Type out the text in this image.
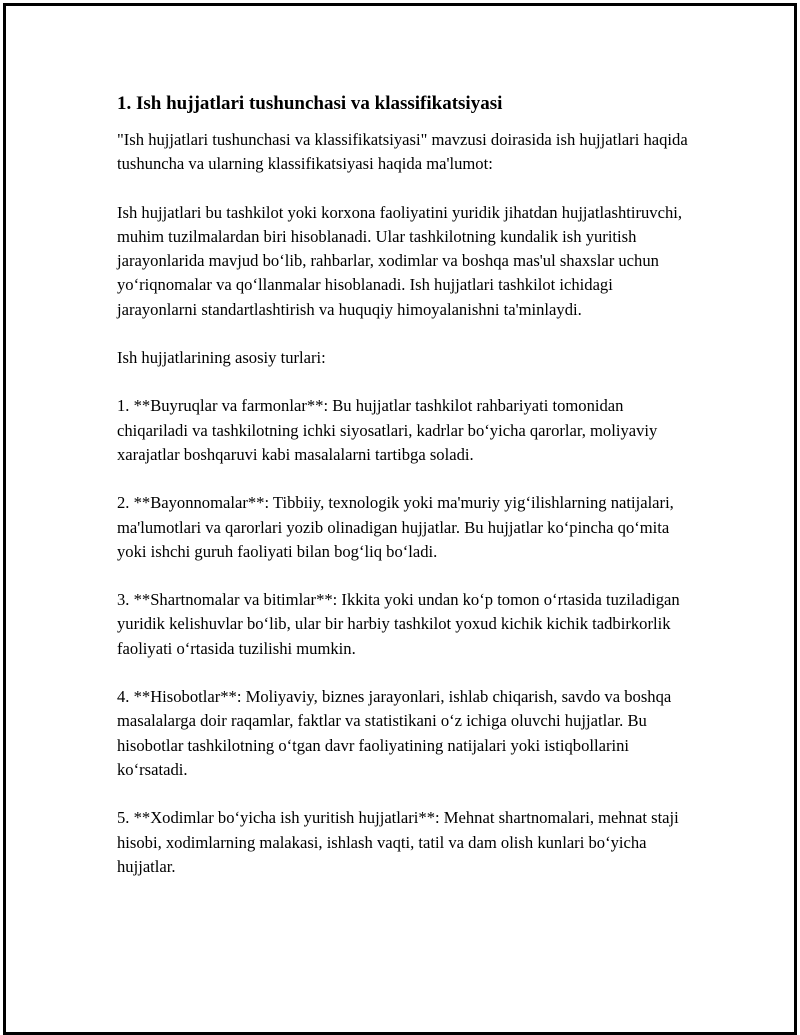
1. Ish hujjatlari tushunchasi va klassifikatsiyasi

"Ish hujjatlari tushunchasi va klassifikatsiyasi" mavzusi doirasida ish hujjatlari haqida tushuncha va ularning klassifikatsiyasi haqida ma'lumot:

Ish hujjatlari bu tashkilot yoki korxona faoliyatini yuridik jihatdan hujjatlashtiruvchi, muhim tuzilmalardan biri hisoblanadi. Ular tashkilotning kundalik ish yuritish jarayonlarida mavjud bo‘lib, rahbarlar, xodimlar va boshqa mas'ul shaxslar uchun yo‘riqnomalar va qo‘llanmalar hisoblanadi. Ish hujjatlari tashkilot ichidagi jarayonlarni standartlashtirish va huquqiy himoyalanishni ta'minlaydi.

Ish hujjatlarining asosiy turlari:

1. **Buyruqlar va farmonlar**: Bu hujjatlar tashkilot rahbariyati tomonidan chiqariladi va tashkilotning ichki siyosatlari, kadrlar bo‘yicha qarorlar, moliyaviy xarajatlar boshqaruvi kabi masalalarni tartibga soladi.

2. **Bayonnomalar**: Tibbiiy, texnologik yoki ma'muriy yig‘ilishlarning natijalari, ma'lumotlari va qarorlari yozib olinadigan hujjatlar. Bu hujjatlar ko‘pincha qo‘mita yoki ishchi guruh faoliyati bilan bog‘liq bo‘ladi.

3. **Shartnomalar va bitimlar**: Ikkita yoki undan ko‘p tomon o‘rtasida tuziladigan yuridik kelishuvlar bo‘lib, ular bir harbiy tashkilot yoxud kichik kichik tadbirkorlik faoliyati o‘rtasida tuzilishi mumkin.

4. **Hisobotlar**: Moliyaviy, biznes jarayonlari, ishlab chiqarish, savdo va boshqa masalalarga doir raqamlar, faktlar va statistikani o‘z ichiga oluvchi hujjatlar. Bu hisobotlar tashkilotning o‘tgan davr faoliyatining natijalari yoki istiqbollarini ko‘rsatadi.

5. **Xodimlar bo‘yicha ish yuritish hujjatlari**: Mehnat shartnomalari, mehnat staji hisobi, xodimlarning malakasi, ishlash vaqti, tatil va dam olish kunlari bo‘yicha hujjatlar.
